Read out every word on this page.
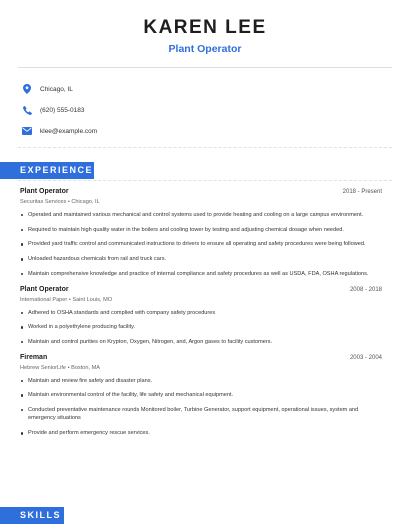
KAREN LEE
Plant Operator
Chicago, IL
(620) 555-0183
klee@example.com
EXPERIENCE
Plant Operator	2018 - Present
Securitas Services • Chicago, IL
Operated and maintained various mechanical and control systems used to provide heating and cooling on a large campus environment.
Required to maintain high quality water in the boilers and cooling tower by testing and adjusting chemical dosage when needed.
Provided yard traffic control and communicated instructions to drivers to ensure all operating and safety procedures were being followed.
Unloaded hazardous chemicals from rail and truck cars.
Maintain comprehensive knowledge and practice of internal compliance and safety procedures as well as USDA, FDA, OSHA regulations.
Plant Operator	2008 - 2018
International Paper • Saint Louis, MO
Adhered to OSHA standards and complied with company safety procedures
Worked in a polyethylene producing facility.
Maintain and control purities on Krypton, Oxygen, Nitrogen, and, Argon gases to facility customers.
Fireman	2003 - 2004
Hebrew SeniorLife • Boston, MA
Maintain and review fire safety and disaster plans.
Maintain environmental control of the facility, life safety and mechanical equipment.
Conducted preventative maintenance rounds Monitored boiler, Turbine Generator, support equipment, operational issues, system and emergency situations
Provide and perform emergency rescue services.
SKILLS
